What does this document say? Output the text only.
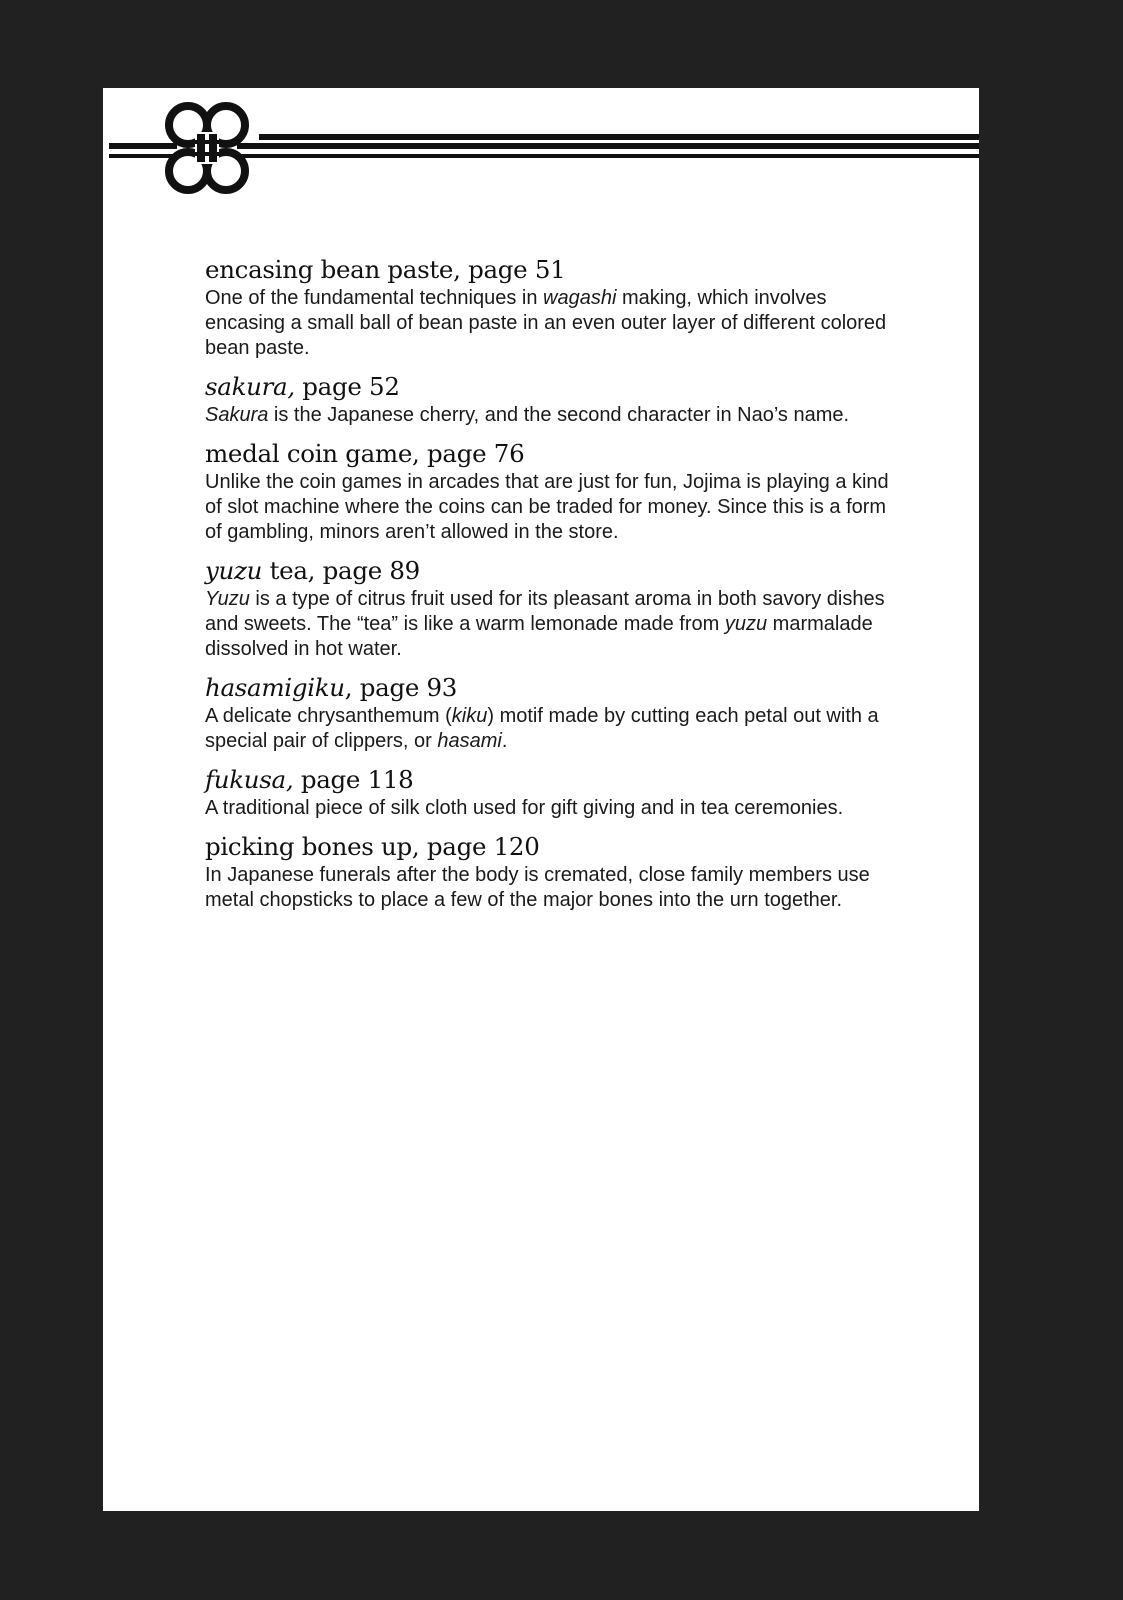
encasing bean paste, page 51

One of the fundamental techniques in wagashi making, which involves encasing a small ball of bean paste in an even outer layer of different colored bean paste.

sakura, page 52

Sakura is the Japanese cherry, and the second character in Nao’s name.

medal coin game, page 76

Unlike the coin games in arcades that are just for fun, Jojima is playing a kind of slot machine where the coins can be traded for money. Since this is a form of gambling, minors aren’t allowed in the store.

yuzu tea, page 89

Yuzu is a type of citrus fruit used for its pleasant aroma in both savory dishes and sweets. The “tea” is like a warm lemonade made from yuzu marmalade dissolved in hot water.

hasamigiku, page 93

A delicate chrysanthemum (kiku) motif made by cutting each petal out with a special pair of clippers, or hasami.

fukusa, page 118

A traditional piece of silk cloth used for gift giving and in tea ceremonies.

picking bones up, page 120

In Japanese funerals after the body is cremated, close family members use metal chopsticks to place a few of the major bones into the urn together.
